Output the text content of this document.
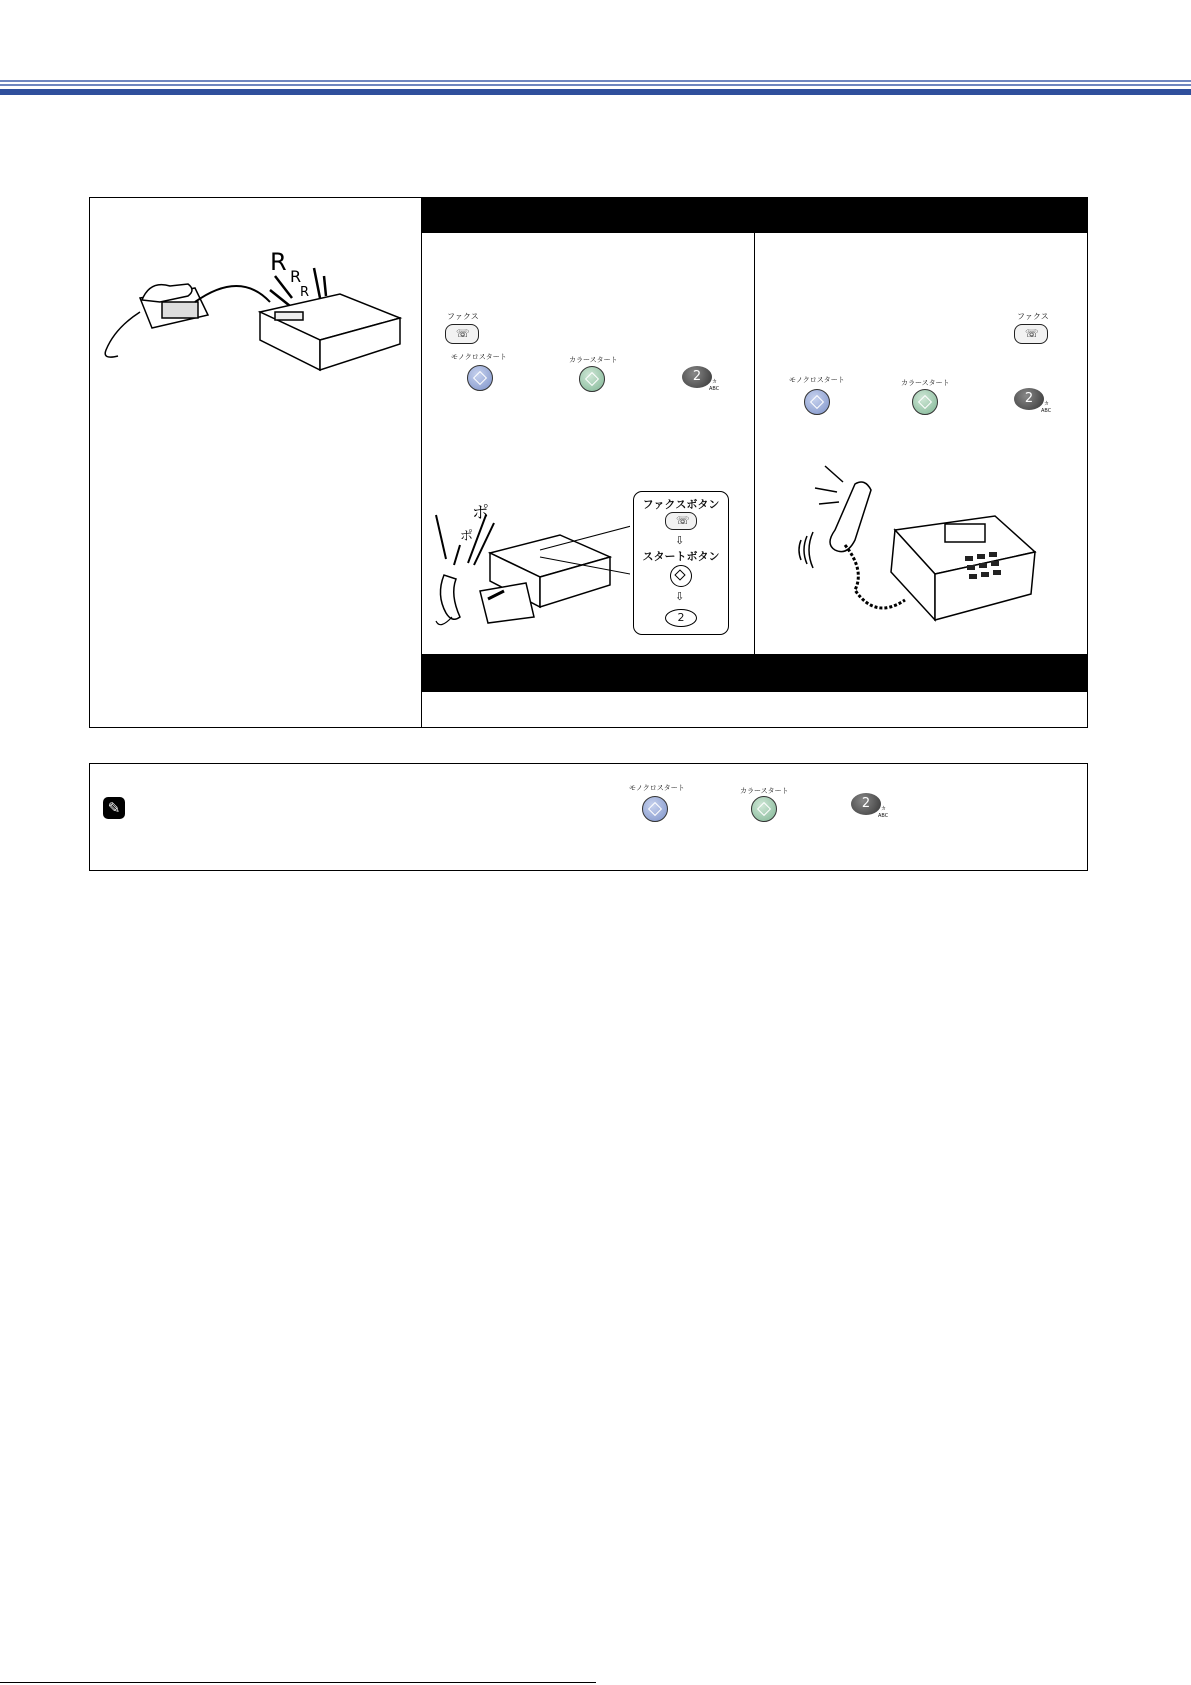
R
R
R
ファクス
☏
モノクロスタート	カラースタート
2	カ
ABC
ポ
ポ
ファクスボタン
☏
⇩
スタートボタン
⇩
2
ファクス
☏
モノクロスタート	カラースタート
2	カ
ABC
✎
モノクロスタート	カラースタート
2	カ
ABC
